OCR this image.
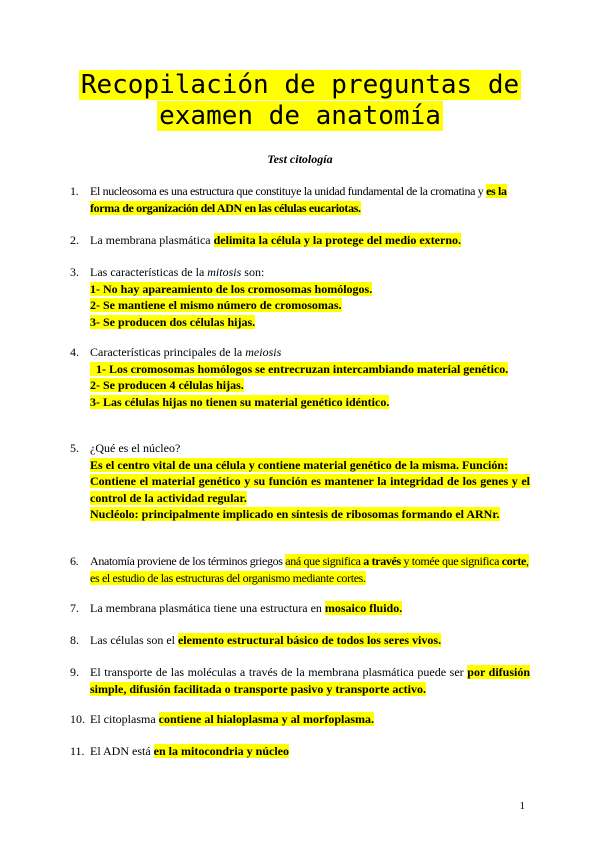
Recopilación de preguntas de
examen de anatomía
Test citología
1. El nucleosoma es una estructura que constituye la unidad fundamental de la cromatina y es la forma de organización del ADN en las células eucariotas.
2. La membrana plasmática delimita la célula y la protege del medio externo.
3. Las características de la mitosis son:
1- No hay apareamiento de los cromosomas homólogos.
2- Se mantiene el mismo número de cromosomas.
3- Se producen dos células hijas.
4. Características principales de la meiosis
1- Los cromosomas homólogos se entrecruzan intercambiando material genético.
2- Se producen 4 células hijas.
3- Las células hijas no tienen su material genético idéntico.
5. ¿Qué es el núcleo?
Es el centro vital de una célula y contiene material genético de la misma. Función:
Contiene el material genético y su función es mantener la integridad de los genes y el control de la actividad regular.
Nucléolo: principalmente implicado en síntesis de ribosomas formando el ARNr.
6. Anatomía proviene de los términos griegos aná que significa a través y tomée que significa corte, es el estudio de las estructuras del organismo mediante cortes.
7. La membrana plasmática tiene una estructura en mosaico fluido.
8. Las células son el elemento estructural básico de todos los seres vivos.
9. El transporte de las moléculas a través de la membrana plasmática puede ser por difusión simple, difusión facilitada o transporte pasivo y transporte activo.
10. El citoplasma contiene al hialoplasma y al morfoplasma.
11. El ADN está en la mitocondria y núcleo
1
